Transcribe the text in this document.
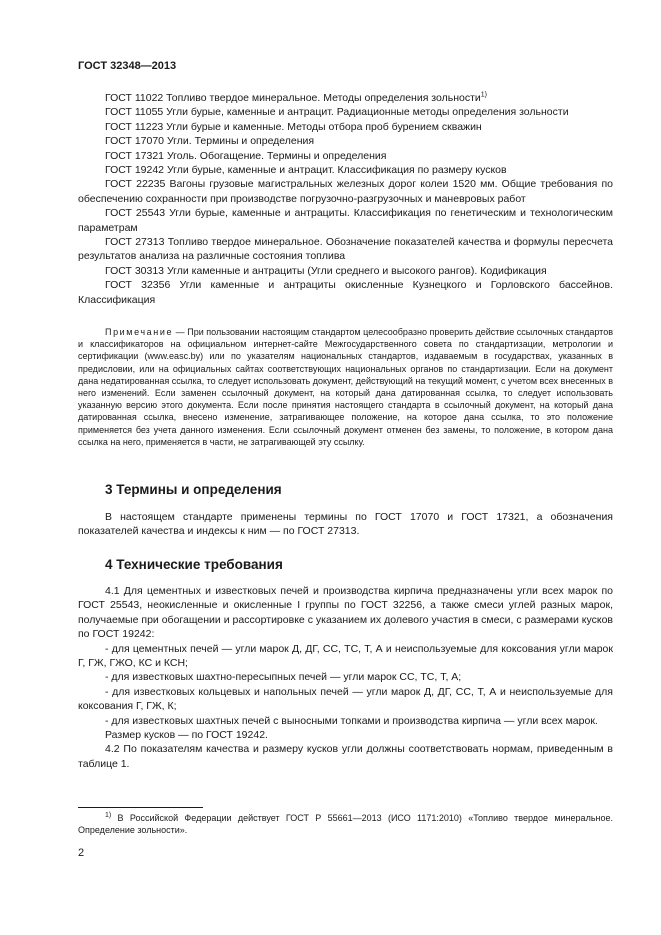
ГОСТ 32348—2013

ГОСТ 11022 Топливо твердое минеральное. Методы определения зольности$^{1)}$

ГОСТ 11055 Угли бурые, каменные и антрацит. Радиационные методы определения зольности

ГОСТ 11223 Угли бурые и каменные. Методы отбора проб бурением скважин

ГОСТ 17070 Угли. Термины и определения

ГОСТ 17321 Уголь. Обогащение. Термины и определения

ГОСТ 19242 Угли бурые, каменные и антрацит. Классификация по размеру кусков

ГОСТ 22235 Вагоны грузовые магистральных железных дорог колеи 1520 мм. Общие требования по обеспечению сохранности при производстве погрузочно-разгрузочных и маневровых работ

ГОСТ 25543 Угли бурые, каменные и антрациты. Классификация по генетическим и технологическим параметрам

ГОСТ 27313 Топливо твердое минеральное. Обозначение показателей качества и формулы пересчета результатов анализа на различные состояния топлива

ГОСТ 30313 Угли каменные и антрациты (Угли среднего и высокого рангов). Кодификация

ГОСТ 32356 Угли каменные и антрациты окисленные Кузнецкого и Горловского бассейнов. Классификация

Примечание — При пользовании настоящим стандартом целесообразно проверить действие ссылочных стандартов и классификаторов на официальном интернет-сайте Межгосударственного совета по стандартизации, метрологии и сертификации (www.easc.by) или по указателям национальных стандартов, издаваемым в государствах, указанных в предисловии, или на официальных сайтах соответствующих национальных органов по стандартизации. Если на документ дана недатированная ссылка, то следует использовать документ, действующий на текущий момент, с учетом всех внесенных в него изменений. Если заменен ссылочный документ, на который дана датированная ссылка, то следует использовать указанную версию этого документа. Если после принятия настоящего стандарта в ссылочный документ, на который дана датированная ссылка, внесено изменение, затрагивающее положение, на которое дана ссылка, то это положение применяется без учета данного изменения. Если ссылочный документ отменен без замены, то положение, в котором дана ссылка на него, применяется в части, не затрагивающей эту ссылку.

3 Термины и определения

В настоящем стандарте применены термины по ГОСТ 17070 и ГОСТ 17321, а обозначения показателей качества и индексы к ним — по ГОСТ 27313.

4 Технические требования

4.1 Для цементных и известковых печей и производства кирпича предназначены угли всех марок по ГОСТ 25543, неокисленные и окисленные I группы по ГОСТ 32256, а также смеси углей разных марок, получаемые при обогащении и рассортировке с указанием их долевого участия в смеси, с размерами кусков по ГОСТ 19242:

- для цементных печей — угли марок Д, ДГ, СС, ТС, Т, А и неиспользуемые для коксования угли марок Г, ГЖ, ГЖО, КС и КСН;

- для известковых шахтно-пересыпных печей — угли марок СС, ТС, Т, А;

- для известковых кольцевых и напольных печей — угли марок Д, ДГ, СС, Т, А и неиспользуемые для коксования Г, ГЖ, К;

- для известковых шахтных печей с выносными топками и производства кирпича — угли всех марок.

Размер кусков — по ГОСТ 19242.

4.2 По показателям качества и размеру кусков угли должны соответствовать нормам, приведенным в таблице 1.

$^{1)}$ В Российской Федерации действует ГОСТ Р 55661—2013 (ИСО 1171:2010) «Топливо твердое минеральное. Определение зольности».

2
